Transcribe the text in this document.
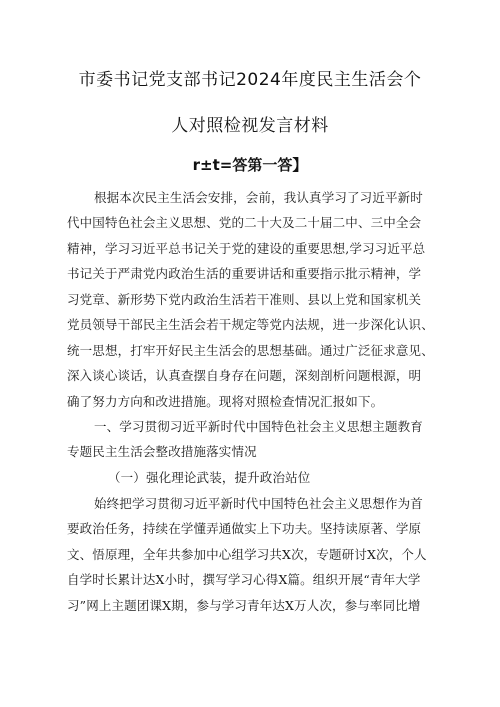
市委书记党支部书记2024年度民主生活会个
人对照检视发言材料
r±t=答第一答】
根据本次民主生活会安排，会前，我认真学习了习近平新时
代中国特色社会主义思想、党的二十大及二十届二中、三中全会
精神，学习习近平总书记关于党的建设的重要思想,学习习近平总
书记关于严肃党内政治生活的重要讲话和重要指示批示精神，学
习党章、新形势下党内政治生活若干准则、县以上党和国家机关
党员领导干部民主生活会若干规定等党内法规，进一步深化认识、
统一思想，打牢开好民主生活会的思想基础。通过广泛征求意见、
深入谈心谈话，认真查摆自身存在问题，深刻剖析问题根源，明
确了努力方向和改进措施。现将对照检查情况汇报如下。
一、学习贯彻习近平新时代中国特色社会主义思想主题教育
专题民主生活会整改措施落实情况
（一）强化理论武装，提升政治站位
始终把学习贯彻习近平新时代中国特色社会主义思想作为首
要政治任务，持续在学懂弄通做实上下功夫。坚持读原著、学原
文、悟原理，全年共参加中心组学习共X次，专题研讨X次，个人
自学时长累计达X小时，撰写学习心得X篇。组织开展“青年大学
习”网上主题团课X期，参与学习青年达X万人次，参与率同比增
